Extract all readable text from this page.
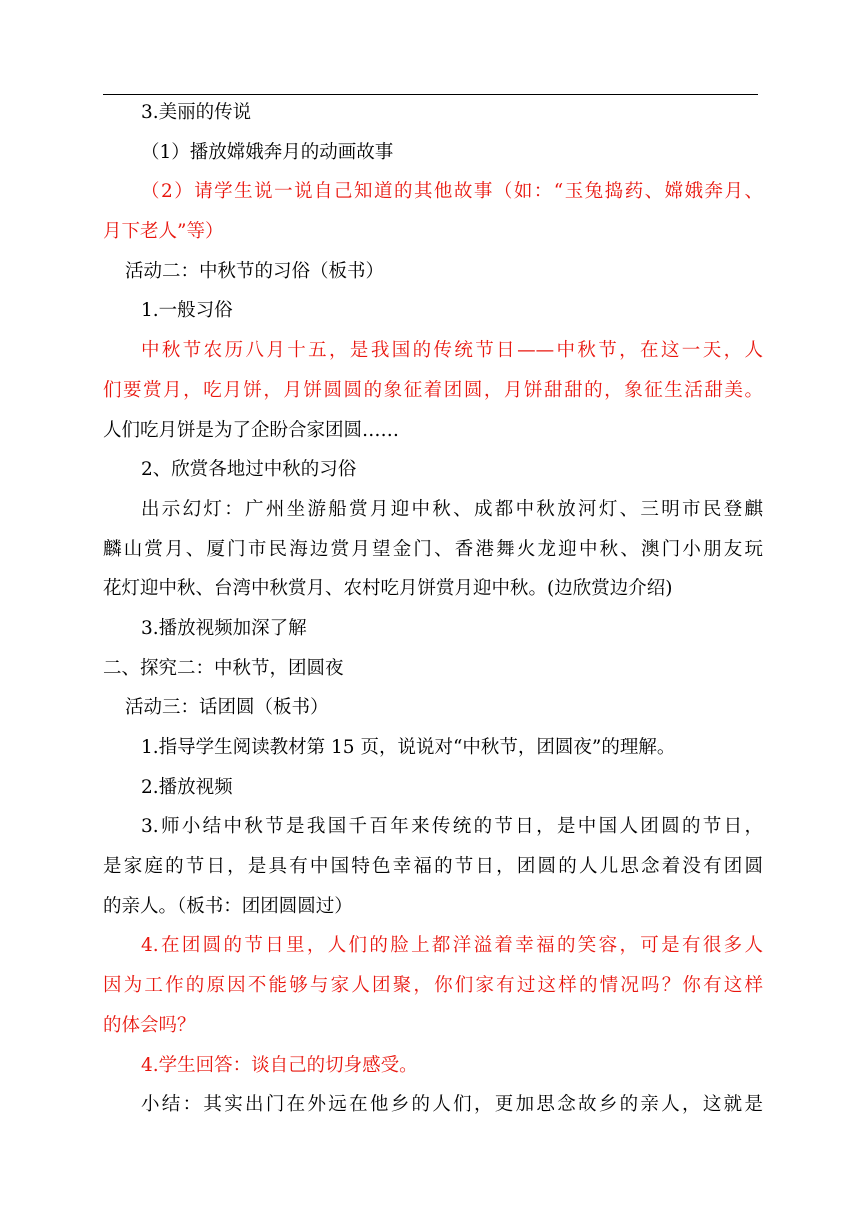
3.美丽的传说
（1）播放嫦娥奔月的动画故事
（2）请学生说一说自己知道的其他故事（如：“玉兔捣药、嫦娥奔月、
月下老人”等）
活动二：中秋节的习俗（板书）
1.一般习俗
中秋节农历八月十五，是我国的传统节日——中秋节，在这一天，人
们要赏月，吃月饼，月饼圆圆的象征着团圆，月饼甜甜的，象征生活甜美。
人们吃月饼是为了企盼合家团圆……
2、欣赏各地过中秋的习俗
出示幻灯：广州坐游船赏月迎中秋、成都中秋放河灯、三明市民登麒
麟山赏月、厦门市民海边赏月望金门、香港舞火龙迎中秋、澳门小朋友玩
花灯迎中秋、台湾中秋赏月、农村吃月饼赏月迎中秋。(边欣赏边介绍)
3.播放视频加深了解
二、探究二：中秋节，团圆夜
活动三：话团圆（板书）
1.指导学生阅读教材第 15 页，说说对“中秋节，团圆夜”的理解。
2.播放视频
3.师小结中秋节是我国千百年来传统的节日，是中国人团圆的节日，
是家庭的节日，是具有中国特色幸福的节日，团圆的人儿思念着没有团圆
的亲人。（板书：团团圆圆过）
4.在团圆的节日里，人们的脸上都洋溢着幸福的笑容，可是有很多人
因为工作的原因不能够与家人团聚，你们家有过这样的情况吗？你有这样
的体会吗？
4.学生回答：谈自己的切身感受。
小结：其实出门在外远在他乡的人们，更加思念故乡的亲人，这就是
